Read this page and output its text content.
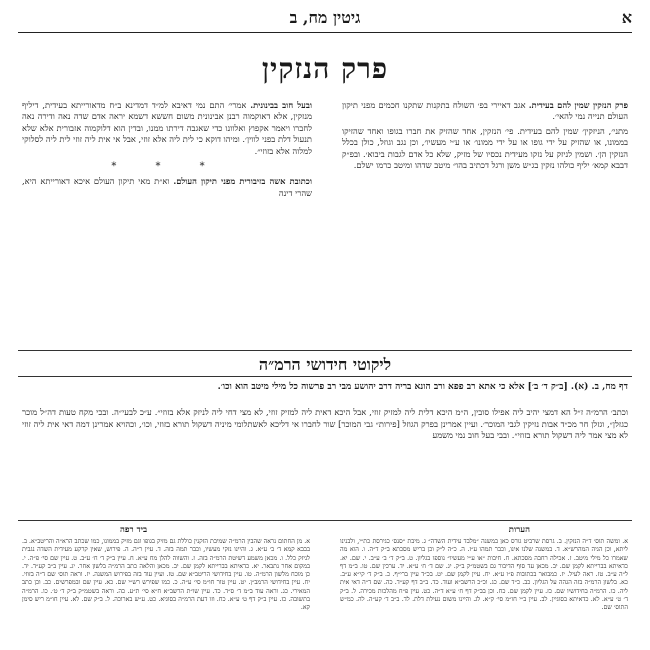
א
גיטין מח, ב
פרק הנזקין

פרק הנזקין שמין להם בעידית. אגב דאיירי בפ׳ השולח בתקנות שתקנו חכמים מפני תיקון העולם תנייה נמי להאי׳.

מתני׳, הניזקין׳ שמין להם בעידית. פי׳ הנזקין, אחד שהזיק את חברו בגופו ואחד שהזיקו בממונו, או שהזיק על ידי גופו או על ידי ממונו׳ או ע״י מעשיו׳, וכן נגב וגוזל, כולן בכלל הנזקין הן׳. ושמין לניזק על נזקו מעידית נכסיו של מזיק, שלא כל אדם לגבות ביבוא׳. ובפ״ק דבבא קמא׳ יליף כולהו נזקין בג״ש משן ורגל דכתיב בהו״ מיטב שדהו ומיטב כרמו ישלם.

ובעל חוב בבינונית. אמרי׳ התם נמי דאיבא למ״ד דמדינא ב״ח מדאורייתא בעידית, דיליף מנזקין, אלא דאוקמוה רבנן אבינונית משום חששא דשמא יראה אדם שדה נאה ודירה נאה לחברו ויאמר אקפוץ ואלוונו כדי שאגבה דירתו ממנו, ובדין הוא דלוקמוה אזבורית אלא שלא תנעול דלת בפני לווין׳. ומיהו דוקא כי לית ליה אלא זוזי, אבל אי אית ליה זוזי לית ליה לסלוקי למלוה אלא בזוזי״.

* * *

וכתובת אשה בזיבורית מפני תיקון העולם. וא״ת מאי תיקון העולם איכא דאורייתא היא, שהרי דינה

ליקוטי חידושי הרמ״ה
דף מח, ב. (א). [ב״ק ד׳ ב׳] אלא כי אתא רב פפא ורב הונא בריה דרב יהושע מבי רב פרשוה כל מילי מיטב הוא וכו׳.
וכתב׳ הרמ״ה ז״ל הא דמצי יהיב ליה אפילו סובין, ה״מ היכא דלית ליה למזיק זוזי, אבל היכא דאית ליה למזיק זוזי, לא מצי דחי ליה לניזק אלא בזוזי״. ע״כ לבעי״ה. ובכי מקח טעות דה״ל מוכר כגזלן״, וגזלן חר מכ״ד אבות נזיקין לגבי המוכר׳. ועיין אמרינן בפרק הגוזל [פירות״ גבי המוכר] שור לחברו אי דליכא לאשתלומי מיניה דשקול תורא בזוזי, וכו׳, וכהויא אמרינן דמה דאי אית ליה זוזי לא מצי אמר ליה דשקול תורא בזוזי״. ובבי בעל חוב נמי משמע
הערות
ביד רפה
א. ומשה תוס׳ ד״ה הנזקין. ב. גרסת שרביט גורס כאן במשנה ״מלבד עידית השדה״ ג. מיבת ״סנס׳ כגירסת כת״י, ולבנינו ליתא, וכן הגיה המהרש״א. ד. במשנה שלנו אינו, וכבר תמהו ע״ז. ה. כ״ה ל״ק וכן בריש מסכתא ב״ק ד״ה. ו. הוא מה שאמרו כל מילי מיטב. ז. אכילה רחבה מסכתא. ח. חיבות ״או ע״י מעשיו״ נוספו בגליון. ט. ב״ק ד׳ ב׳ ע״ב. י. שם. יא. כדאיתא בברייתא לקמן שם. יב. מכאן עד סוף הדיבור גם בשטמ״ק ב״ק. יג. שם ד׳ ח׳ ע״א. יד. ערכין שם. טו. ב״מ דף ל״ה ע״ב. טז. ראה לעיל. יז. כמבואר בכתובות פ״ו ע״א. יח. עיין לקמן שם. יט. בכ״ד עיין ברי״ף. כ. ב״ק ד׳ קי״א ע״ב. כא. בלשון הרמ״ה בזה הגהה על הגליון. כב. כ״ד שם. כג. וכ״כ הרשב״א ועוד. כד. ב״ב דף קע״ד. כה. שם ד״ה דאי אית ליה. כו. הרמ״ה בחידושיו שם. כז. עיין לקמן שם. כח. וכן בב״ק דף ח׳ ע״א ד״ה. כט. עיין פ״ח מהלכות מכירה. ל. ב״ק ד׳ ט׳ ע״א. לא. כדאיתא בסוגיין. לב. עיין ב״י חו״מ סי׳ ק״א. לג. והיינו משום נעילת דלת. לד. ב״ב ד׳ קע״ה. לה. כמ״ש התוס׳ שם.
א. מן החתום נראה שהבין הרמ״ה שמיבת הזקנין כוללת גם מזיק בגופו וגם מזיק בממונו, כמו שכתב הרא״ה והריטב״א. ב. בבבא קמא ד׳ ב׳ ע״א. ג. והיינו נזקי מעשיו, וכבר תמה בזה. ד. עיין ר״ה. ה. פירוש, שאין קרקע מעידית השדה נגבית לניזק כלל. ו. מכאן משמע דשיטת הרמ״ה בזה. ז. והשווה להלן מח ע״א. ח. עיין ב״ק ד׳ ח׳ ע״ב. ט. עיין שם סי׳ פ״ה. י. במקום אחר נתבאר. יא. כדאיתא בברייתא לקמן שם. יב. מכאן והלאה כתב הרמ״ה בלשון אחר. יג. עיין ב״ב קע״ד. יד. כן מוכח מלשון הרמ״ה. טו. עיין בחידושי הריטב״א שם. טז. ועיין עוד בזה בפירוש המשנה. יז. וראה תוס׳ שם ד״ה בזוזי. יח. עיין בחידושי הרמב״ן. יט. עיין טור חו״מ סי׳ ע״ה. כ. כמו שפירש רש״י שם. כא. עיין שם ובמפרשים. כב. וכן כתב המאירי. כג. וראה עוד ב״מ ד׳ ס״ד. כד. עיין שו״ת הרשב״א ח״א סי׳ ת״ע. כה. וראה בשטמ״ק ב״ק ד׳ ט׳. כו. הרמ״ה בתשובה. כז. עיין ב״ק דף ט׳ ע״א. כח. וזו דעת הרמ״ה בסוגיא. כט. ע״ש בארוכה. ל. ב״ק שם. לא. עיין חו״מ ריש סימן קא.
